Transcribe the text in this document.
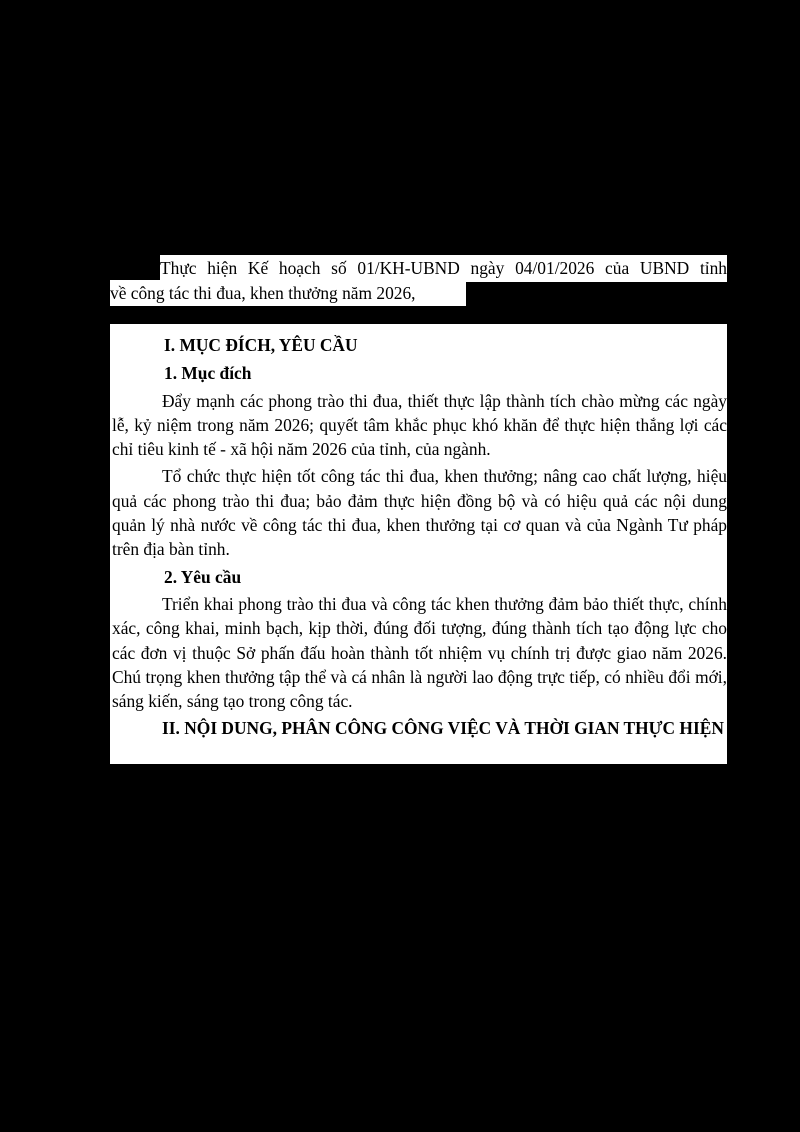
Thực hiện Kế hoạch số 01/KH-UBND ngày 04/01/2026 của UBND tỉnh
về công tác thi đua, khen thưởng năm 2026,

I. MỤC ĐÍCH, YÊU CẦU

1. Mục đích

Đẩy mạnh các phong trào thi đua, thiết thực lập thành tích chào mừng các ngày lễ, kỷ niệm trong năm 2026; quyết tâm khắc phục khó khăn để thực hiện thắng lợi các chỉ tiêu kinh tế - xã hội năm 2026 của tỉnh, của ngành.

Tổ chức thực hiện tốt công tác thi đua, khen thưởng; nâng cao chất lượng, hiệu quả các phong trào thi đua; bảo đảm thực hiện đồng bộ và có hiệu quả các nội dung quản lý nhà nước về công tác thi đua, khen thưởng tại cơ quan và của Ngành Tư pháp trên địa bàn tỉnh.

2. Yêu cầu

Triển khai phong trào thi đua và công tác khen thưởng đảm bảo thiết thực, chính xác, công khai, minh bạch, kịp thời, đúng đối tượng, đúng thành tích tạo động lực cho các đơn vị thuộc Sở phấn đấu hoàn thành tốt nhiệm vụ chính trị được giao năm 2026. Chú trọng khen thưởng tập thể và cá nhân là người lao động trực tiếp, có nhiều đổi mới, sáng kiến, sáng tạo trong công tác.

II. NỘI DUNG, PHÂN CÔNG CÔNG VIỆC VÀ THỜI GIAN THỰC HIỆN
